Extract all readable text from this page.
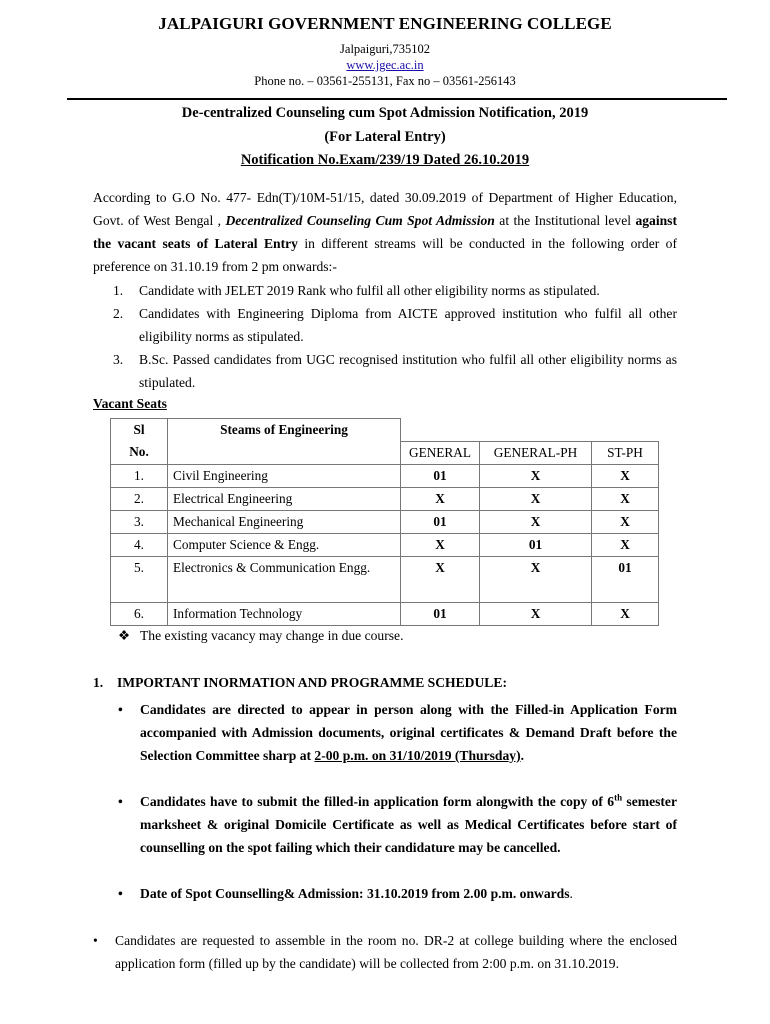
JALPAIGURI GOVERNMENT ENGINEERING COLLEGE
Jalpaiguri,735102
www.jgec.ac.in
Phone no. – 03561-255131, Fax no – 03561-256143
De-centralized Counseling cum Spot Admission Notification, 2019
(For Lateral Entry)
Notification No.Exam/239/19 Dated 26.10.2019
According to G.O No. 477- Edn(T)/10M-51/15, dated 30.09.2019 of Department of Higher Education, Govt. of West Bengal , Decentralized Counseling Cum Spot Admission at the Institutional level against the vacant seats of Lateral Entry in different streams will be conducted in the following order of preference on 31.10.19 from 2 pm onwards:-
1. Candidate with JELET 2019 Rank who fulfil all other eligibility norms as stipulated.
2. Candidates with Engineering Diploma from AICTE approved institution who fulfil all other eligibility norms as stipulated.
3. B.Sc. Passed candidates from UGC recognised institution who fulfil all other eligibility norms as stipulated.
Vacant Seats
Sl	Steams of Engineering			
No.		GENERAL	GENERAL-PH	ST-PH
1.	Civil Engineering	01	X	X
2.	Electrical Engineering	X	X	X
3.	Mechanical Engineering	01	X	X
4.	Computer Science & Engg.	X	01	X
5.	Electronics & Communication Engg.	X	X	01
6.	Information Technology	01	X	X
❖ The existing vacancy may change in due course.
1. IMPORTANT INORMATION AND PROGRAMME SCHEDULE:
• Candidates are directed to appear in person along with the Filled-in Application Form accompanied with Admission documents, original certificates & Demand Draft before the Selection Committee sharp at 2-00 p.m. on 31/10/2019 (Thursday).
• Candidates have to submit the filled-in application form alongwith the copy of 6th semester marksheet & original Domicile Certificate as well as Medical Certificates before start of counselling on the spot failing which their candidature may be cancelled.
• Date of Spot Counselling& Admission: 31.10.2019 from 2.00 p.m. onwards.
• Candidates are requested to assemble in the room no. DR-2 at college building where the enclosed application form (filled up by the candidate) will be collected from 2:00 p.m. on 31.10.2019.
